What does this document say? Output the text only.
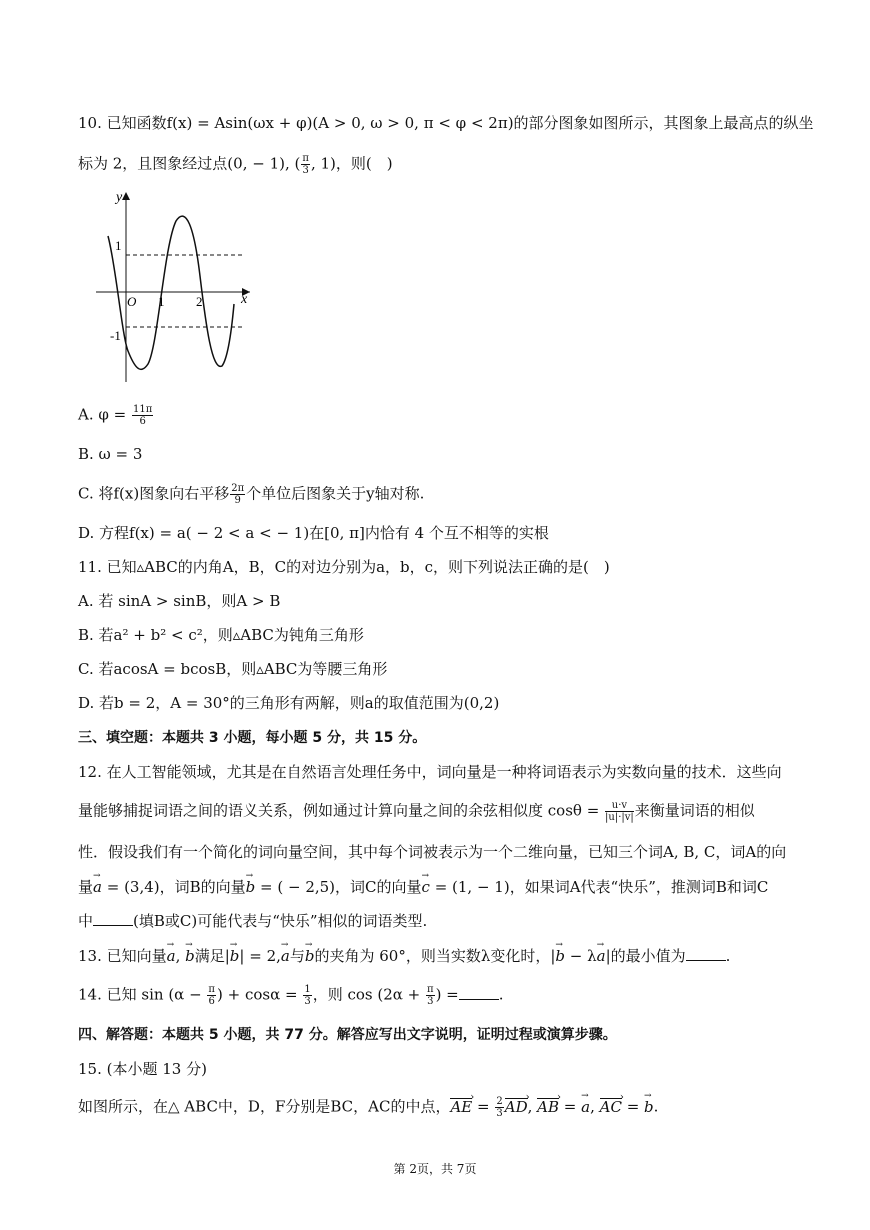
10. 已知函数f(x) = Asin(ωx + φ)(A > 0, ω > 0, π < φ < 2π)的部分图象如图所示，其图象上最高点的纵坐
标为 2，且图象经过点(0, − 1), ( $\frac{\pi}{3}$ , 1)，则(　)
y
x
O 1 2
1
-1
A. $\varphi = \frac{11\pi}{6}$
B. ω = 3
C. 将f(x)图象向右平移 $\frac{2\pi}{9}$ 个单位后图象关于y轴对称.
D. 方程f(x) = a( − 2 < a < − 1)在[0, π]内恰有 4 个互不相等的实根
11. 已知▵ABC的内角A，B，C的对边分别为a，b，c，则下列说法正确的是(　)
A. 若 sinA > sinB，则A > B
B. 若a² + b² < c²，则▵ABC为钝角三角形
C. 若acosA = bcosB，则▵ABC为等腰三角形
D. 若b = 2，A = 30°的三角形有两解，则a的取值范围为(0,2)
三、填空题：本题共 3 小题，每小题 5 分，共 15 分。
12. 在人工智能领域，尤其是在自然语言处理任务中，词向量是一种将词语表示为实数向量的技术．这些向
量能够捕捉词语之间的语义关系，例如通过计算向量之间的余弦相似度 $\cos\theta = \frac{u\cdot v}{|u|\cdot|v|}$ 来衡量词语的相似
性．假设我们有一个简化的词向量空间，其中每个词被表示为一个二维向量，已知三个词A, B, C，词A的向
量→ a = (3,4)，词B的向量→ b = ( − 2,5)，词C的向量→ c = (1, − 1)，如果词A代表“快乐”，推测词B和词C
中	(填B或C)可能代表与“快乐”相似的词语类型.
13. 已知向量→ a, → b满足|→ b| = 2,→ a与→ b的夹角为 60°，则当实数λ变化时，|→ b − λ→ a|的最小值为	.
14. 已知 $\sin (\alpha - \frac{\pi}{6}$ ) + $\cos\alpha = \frac{1}{3}$ ，则 $\cos (2\alpha + \frac{\pi}{3}$ ) =	.
四、解答题：本题共 5 小题，共 77 分。解答应写出文字说明，证明过程或演算步骤。
15. (本小题 13 分)
如图所示，在△ ABC中，D，F分别是BC，AC的中点，AE › = $\frac{2}{3}$ AD ›, AB › = → a, AC › = → b.
第 2页，共 7页
